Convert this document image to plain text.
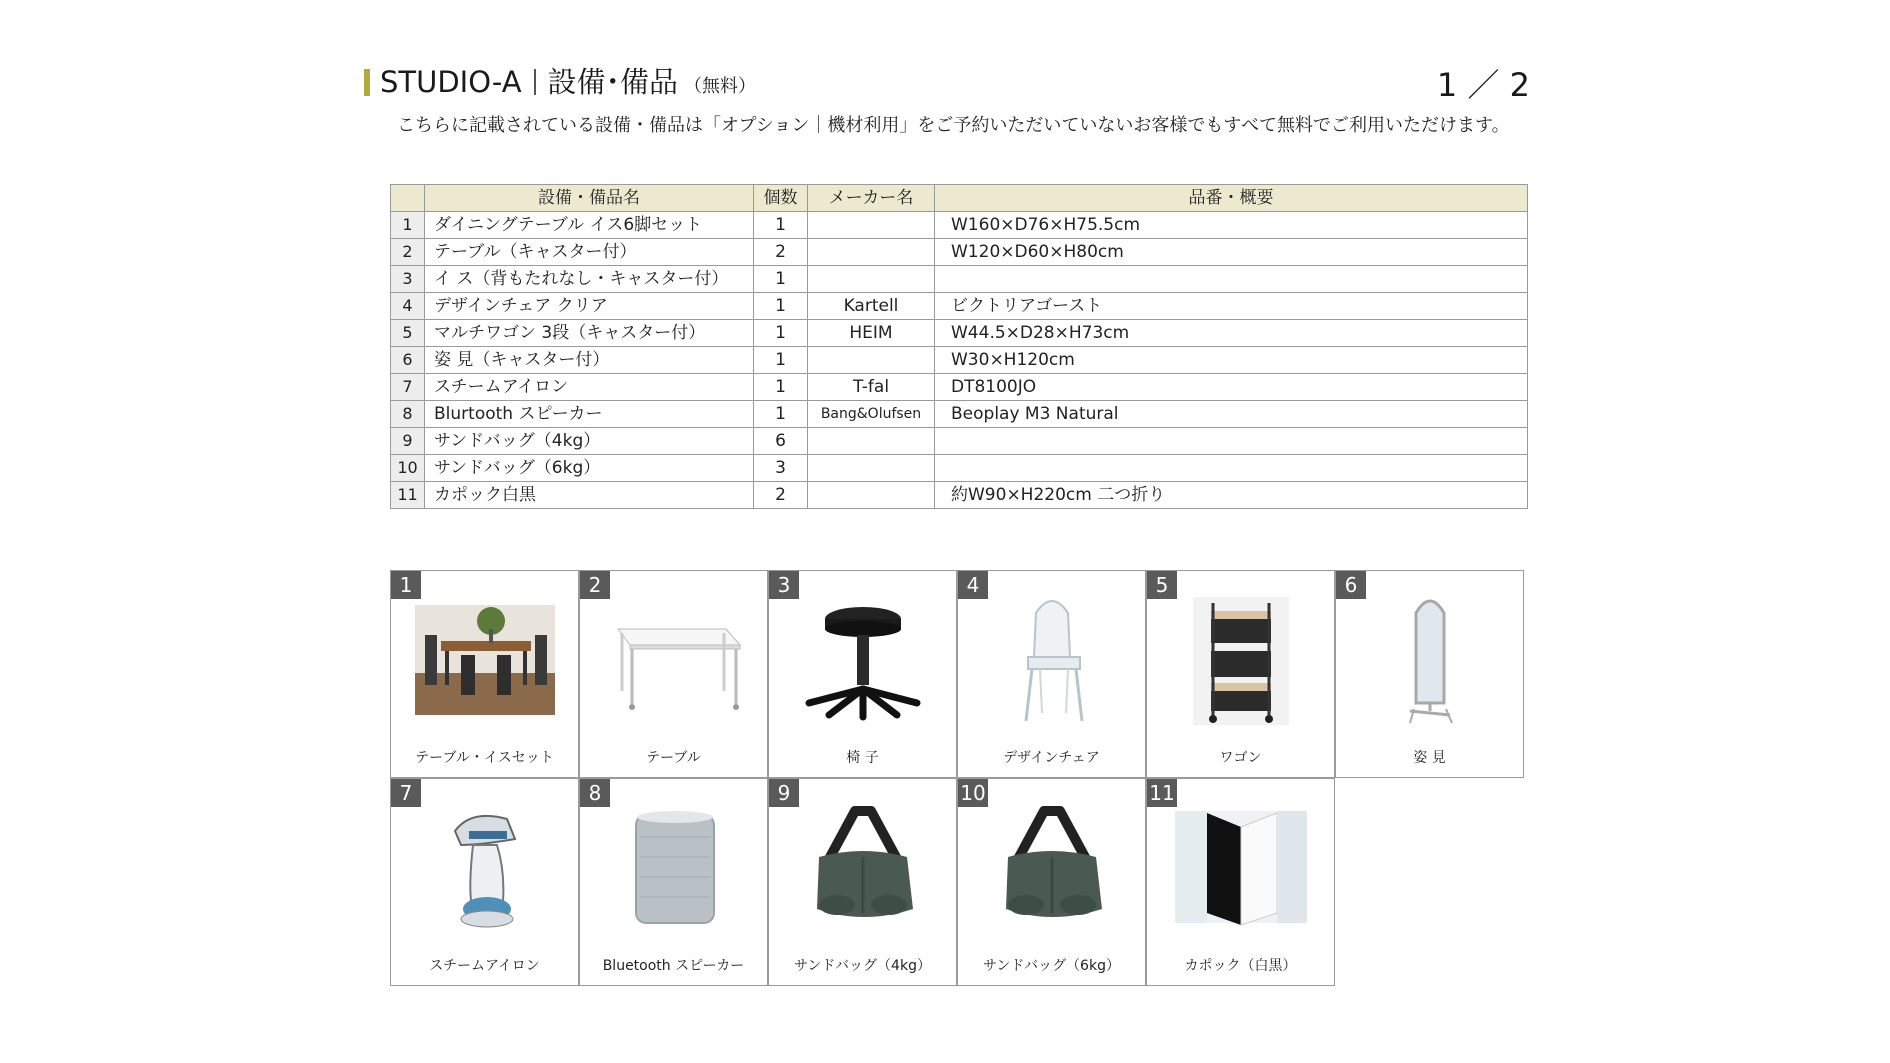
STUDIO-A 設備･備品 （無料）	1 ／ 2
こちらに記載されている設備・備品は「オプション｜機材利用」をご予約いただいていないお客様でもすべて無料でご利用いただけます。
	設備・備品名	個数	メーカー名	品番・概要
1	ダイニングテーブル イス6脚セット	1		W160×D76×H75.5cm
2	テーブル（キャスター付）	2		W120×D60×H80cm
3	イ ス（背もたれなし・キャスター付）	1		
4	デザインチェア クリア	1	Kartell	ビクトリアゴースト
5	マルチワゴン 3段（キャスター付）	1	HEIM	W44.5×D28×H73cm
6	姿 見（キャスター付）	1		W30×H120cm
7	スチームアイロン	1	T-fal	DT8100JO
8	Blurtooth スピーカー	1	Bang&Olufsen	Beoplay M3 Natural
9	サンドバッグ（4kg）	6		
10	サンドバッグ（6kg）	3		
11	カポック白黒	2		約W90×H220cm 二つ折り
1
テーブル・イスセット
2
テーブル
3
椅 子
4
デザインチェア
5
ワゴン
6
姿 見
7
スチームアイロン
8
Bluetooth スピーカー
9
サンドバッグ（4kg）
10
サンドバッグ（6kg）
11
カポック（白黒）
